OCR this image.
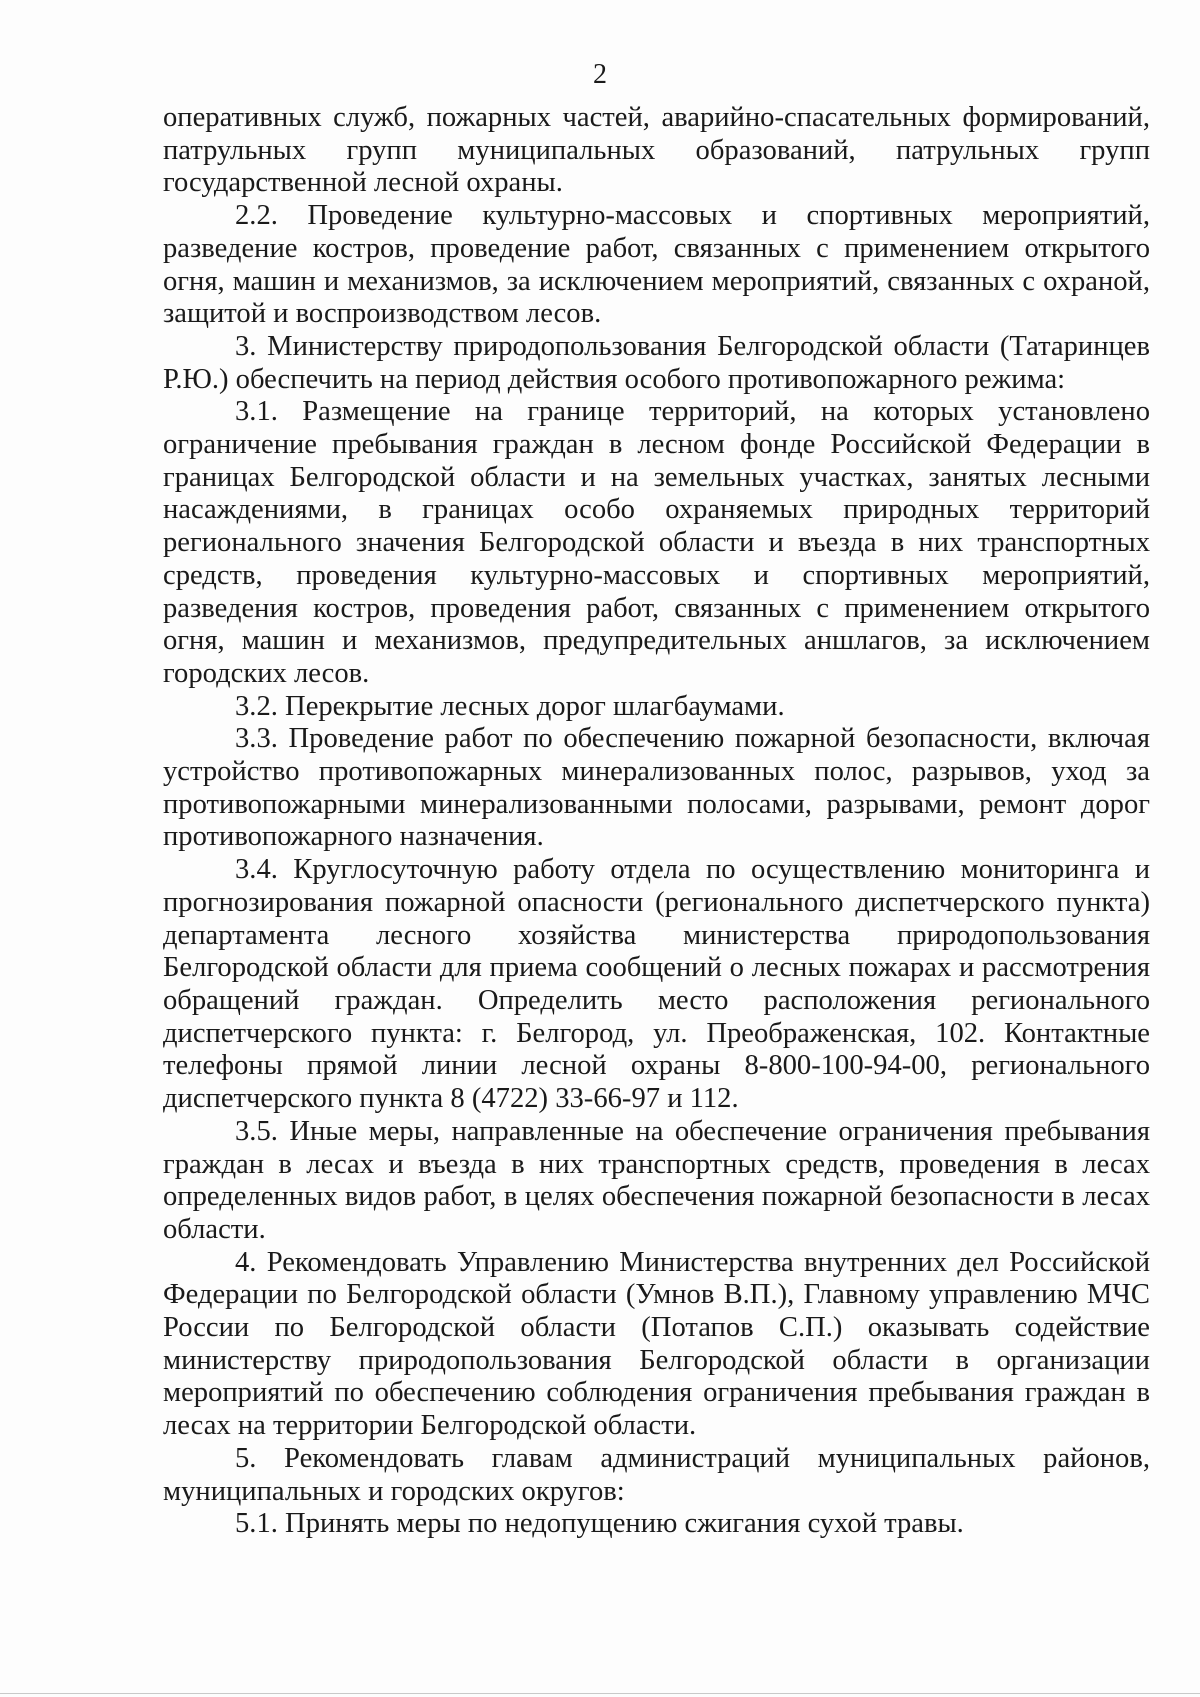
2

оперативных служб, пожарных частей, аварийно-спасательных формирований, патрульных групп муниципальных образований, патрульных групп государственной лесной охраны.

2.2. Проведение культурно-массовых и спортивных мероприятий, разведение костров, проведение работ, связанных с применением открытого огня, машин и механизмов, за исключением мероприятий, связанных с охраной, защитой и воспроизводством лесов.

3. Министерству природопользования Белгородской области (Татаринцев Р.Ю.) обеспечить на период действия особого противопожарного режима:

3.1. Размещение на границе территорий, на которых установлено ограничение пребывания граждан в лесном фонде Российской Федерации в границах Белгородской области и на земельных участках, занятых лесными насаждениями, в границах особо охраняемых природных территорий регионального значения Белгородской области и въезда в них транспортных средств, проведения культурно-массовых и спортивных мероприятий, разведения костров, проведения работ, связанных с применением открытого огня, машин и механизмов, предупредительных аншлагов, за исключением городских лесов.

3.2. Перекрытие лесных дорог шлагбаумами.

3.3. Проведение работ по обеспечению пожарной безопасности, включая устройство противопожарных минерализованных полос, разрывов, уход за противопожарными минерализованными полосами, разрывами, ремонт дорог противопожарного назначения.

3.4. Круглосуточную работу отдела по осуществлению мониторинга и прогнозирования пожарной опасности (регионального диспетчерского пункта) департамента лесного хозяйства министерства природопользования Белгородской области для приема сообщений о лесных пожарах и рассмотрения обращений граждан. Определить место расположения регионального диспетчерского пункта: г. Белгород, ул. Преображенская, 102. Контактные телефоны прямой линии лесной охраны 8-800-100-94-00, регионального диспетчерского пункта 8 (4722) 33-66-97 и 112.

3.5. Иные меры, направленные на обеспечение ограничения пребывания граждан в лесах и въезда в них транспортных средств, проведения в лесах определенных видов работ, в целях обеспечения пожарной безопасности в лесах области.

4. Рекомендовать Управлению Министерства внутренних дел Российской Федерации по Белгородской области (Умнов В.П.), Главному управлению МЧС России по Белгородской области (Потапов С.П.) оказывать содействие министерству природопользования Белгородской области в организации мероприятий по обеспечению соблюдения ограничения пребывания граждан в лесах на территории Белгородской области.

5. Рекомендовать главам администраций муниципальных районов, муниципальных и городских округов:

5.1. Принять меры по недопущению сжигания сухой травы.
